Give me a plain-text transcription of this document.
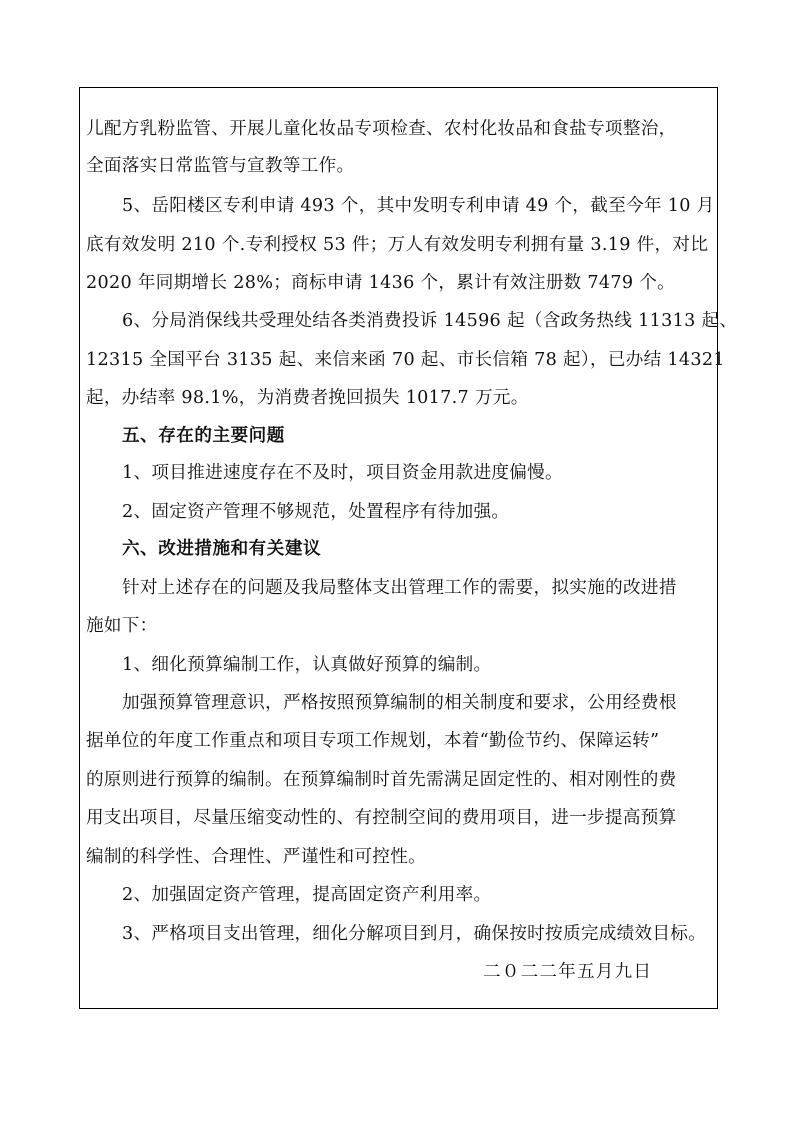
儿配方乳粉监管、开展儿童化妆品专项检查、农村化妆品和食盐专项整治，
全面落实日常监管与宣教等工作。
5、岳阳楼区专利申请 493 个，其中发明专利申请 49 个，截至今年 10 月
底有效发明 210 个.专利授权 53 件；万人有效发明专利拥有量 3.19 件，对比
2020 年同期增长 28%；商标申请 1436 个，累计有效注册数 7479 个。
6、分局消保线共受理处结各类消费投诉 14596 起（含政务热线 11313 起、
12315 全国平台 3135 起、来信来函 70 起、市长信箱 78 起），已办结 14321
起，办结率 98.1%，为消费者挽回损失 1017.7 万元。
五、存在的主要问题
1、项目推进速度存在不及时，项目资金用款进度偏慢。
2、固定资产管理不够规范，处置程序有待加强。
六、改进措施和有关建议
针对上述存在的问题及我局整体支出管理工作的需要，拟实施的改进措
施如下：
1、细化预算编制工作，认真做好预算的编制。
加强预算管理意识，严格按照预算编制的相关制度和要求，公用经费根
据单位的年度工作重点和项目专项工作规划，本着“勤俭节约、保障运转”
的原则进行预算的编制。在预算编制时首先需满足固定性的、相对刚性的费
用支出项目，尽量压缩变动性的、有控制空间的费用项目，进一步提高预算
编制的科学性、合理性、严谨性和可控性。
2、加强固定资产管理，提高固定资产利用率。
3、严格项目支出管理，细化分解项目到月，确保按时按质完成绩效目标。
二０二二年五月九日
